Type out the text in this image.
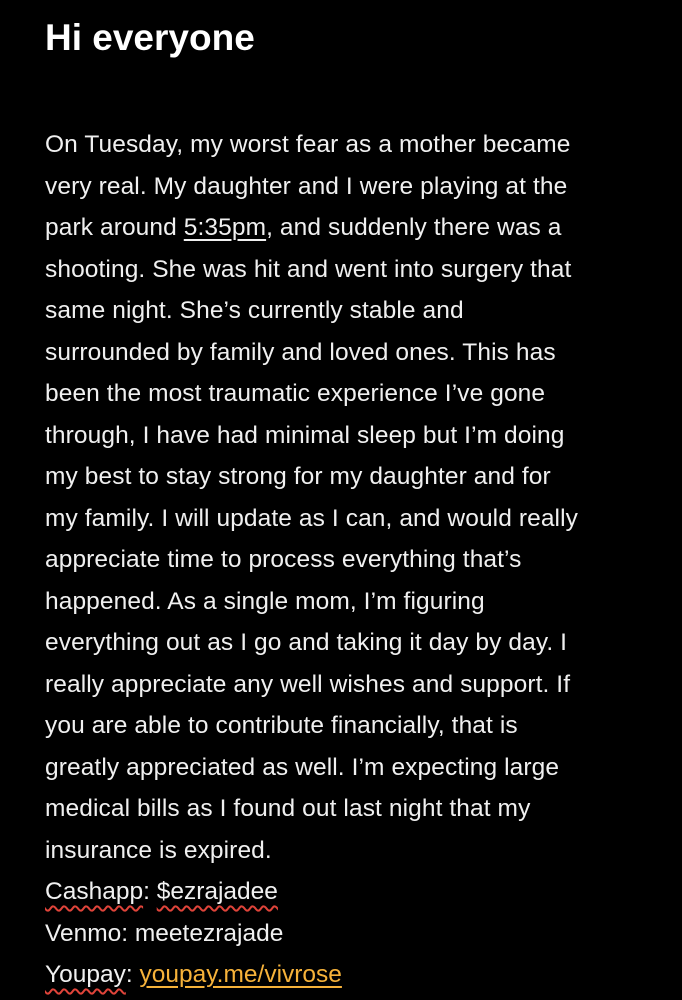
Hi everyone
On Tuesday, my worst fear as a mother became
very real. My daughter and I were playing at the
park around 5:35pm, and suddenly there was a
shooting. She was hit and went into surgery that
same night. She’s currently stable and
surrounded by family and loved ones. This has
been the most traumatic experience I’ve gone
through, I have had minimal sleep but I’m doing
my best to stay strong for my daughter and for
my family. I will update as I can, and would really
appreciate time to process everything that’s
happened. As a single mom, I’m figuring
everything out as I go and taking it day by day. I
really appreciate any well wishes and support. If
you are able to contribute financially, that is
greatly appreciated as well. I’m expecting large
medical bills as I found out last night that my
insurance is expired.
Cashapp: $ezrajadee
Venmo: meetezrajade
Youpay: youpay.me/vivrose
